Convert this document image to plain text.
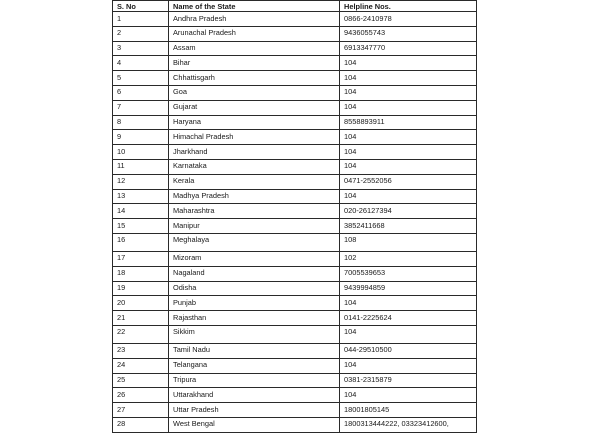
S. No	Name of the State	Helpline Nos.
1	Andhra Pradesh	0866-2410978
2	Arunachal Pradesh	9436055743
3	Assam	6913347770
4	Bihar	104
5	Chhattisgarh	104
6	Goa	104
7	Gujarat	104
8	Haryana	8558893911
9	Himachal Pradesh	104
10	Jharkhand	104
11	Karnataka	104
12	Kerala	0471-2552056
13	Madhya Pradesh	104
14	Maharashtra	020-26127394
15	Manipur	3852411668
16	Meghalaya	108
17	Mizoram	102
18	Nagaland	7005539653
19	Odisha	9439994859
20	Punjab	104
21	Rajasthan	0141-2225624
22	Sikkim	104
23	Tamil Nadu	044-29510500
24	Telangana	104
25	Tripura	0381-2315879
26	Uttarakhand	104
27	Uttar Pradesh	18001805145
28	West Bengal	1800313444222, 03323412600,
